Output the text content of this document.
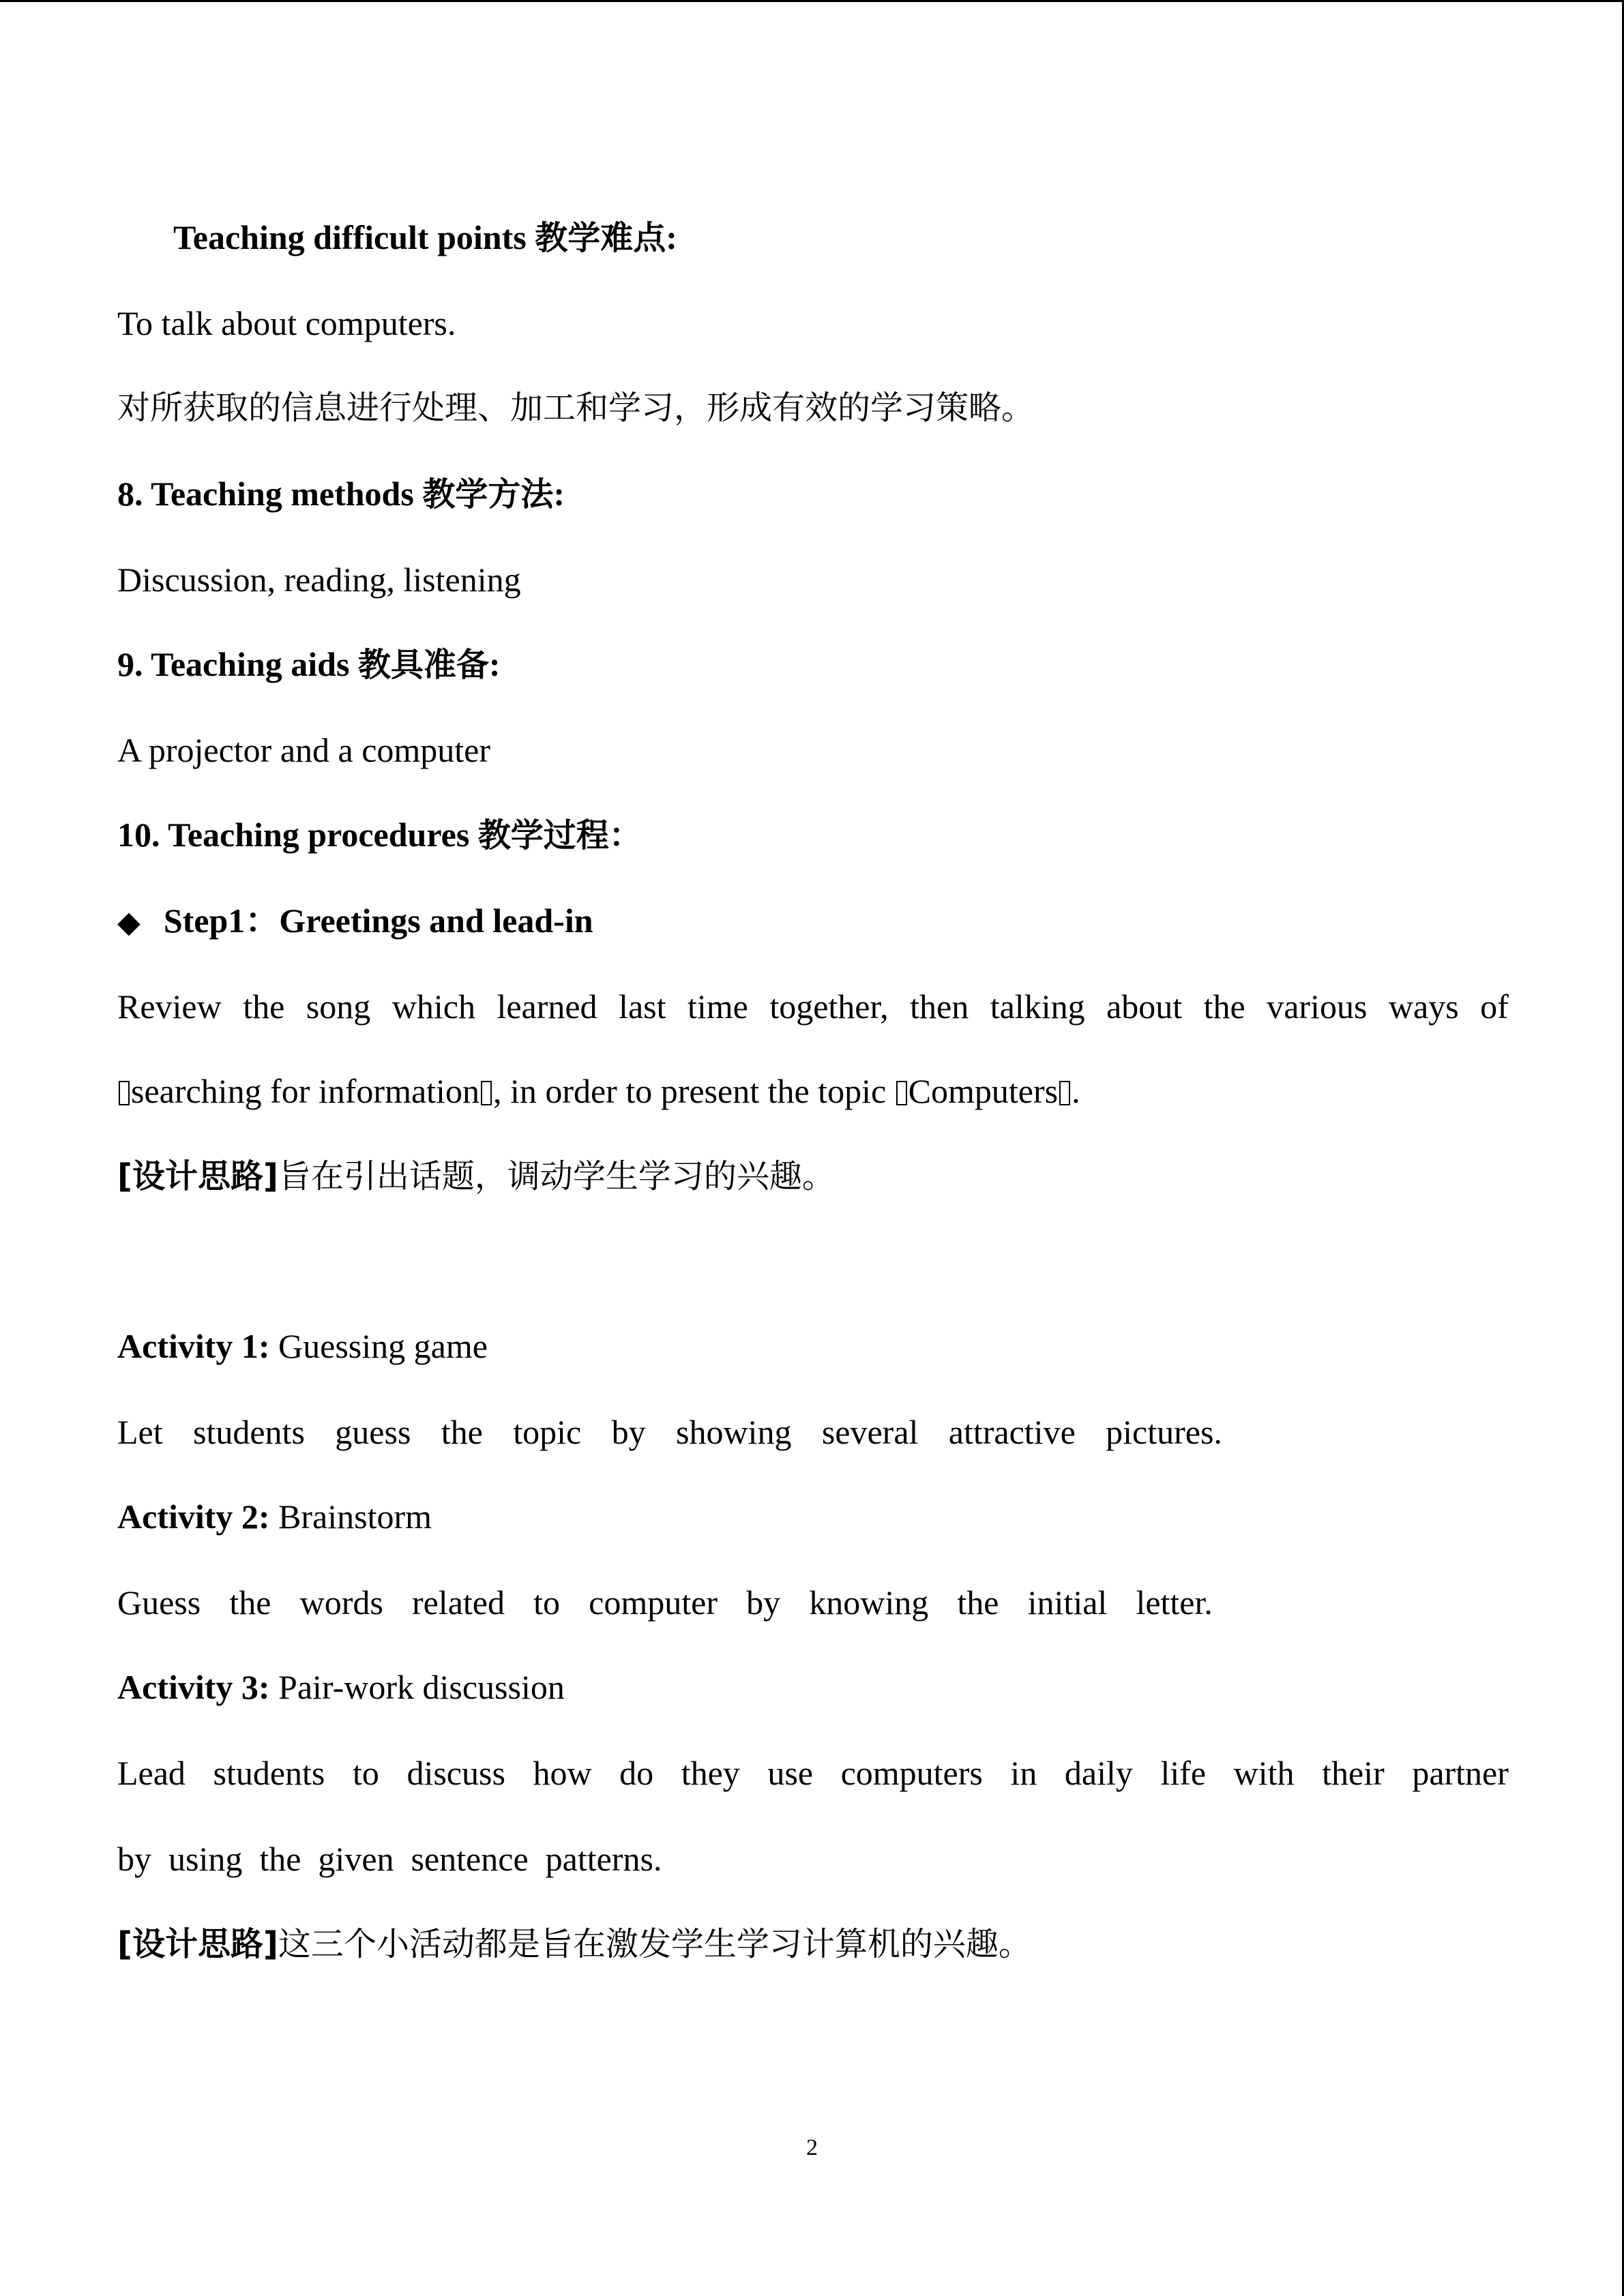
Teaching difficult points 教学难点:
To talk about computers.
对所获取的信息进行处理、加工和学习，形成有效的学习策略。
8. Teaching methods 教学方法:
Discussion, reading, listening
9. Teaching aids 教具准备:
A projector and a computer
10. Teaching procedures 教学过程：
◆ Step1：Greetings and lead-in
Review the song which learned last time together, then talking about the various ways of
searching for information , in order to present the topic Computers .
[设计思路]旨在引出话题，调动学生学习的兴趣。
Activity 1: Guessing game
Let students guess the topic by showing several attractive pictures.
Activity 2: Brainstorm
Guess the words related to computer by knowing the initial letter.
Activity 3: Pair-work discussion
Lead students to discuss how do they use computers in daily life with their partner
by  using  the  given  sentence  patterns.
[设计思路]这三个小活动都是旨在激发学生学习计算机的兴趣。
2
